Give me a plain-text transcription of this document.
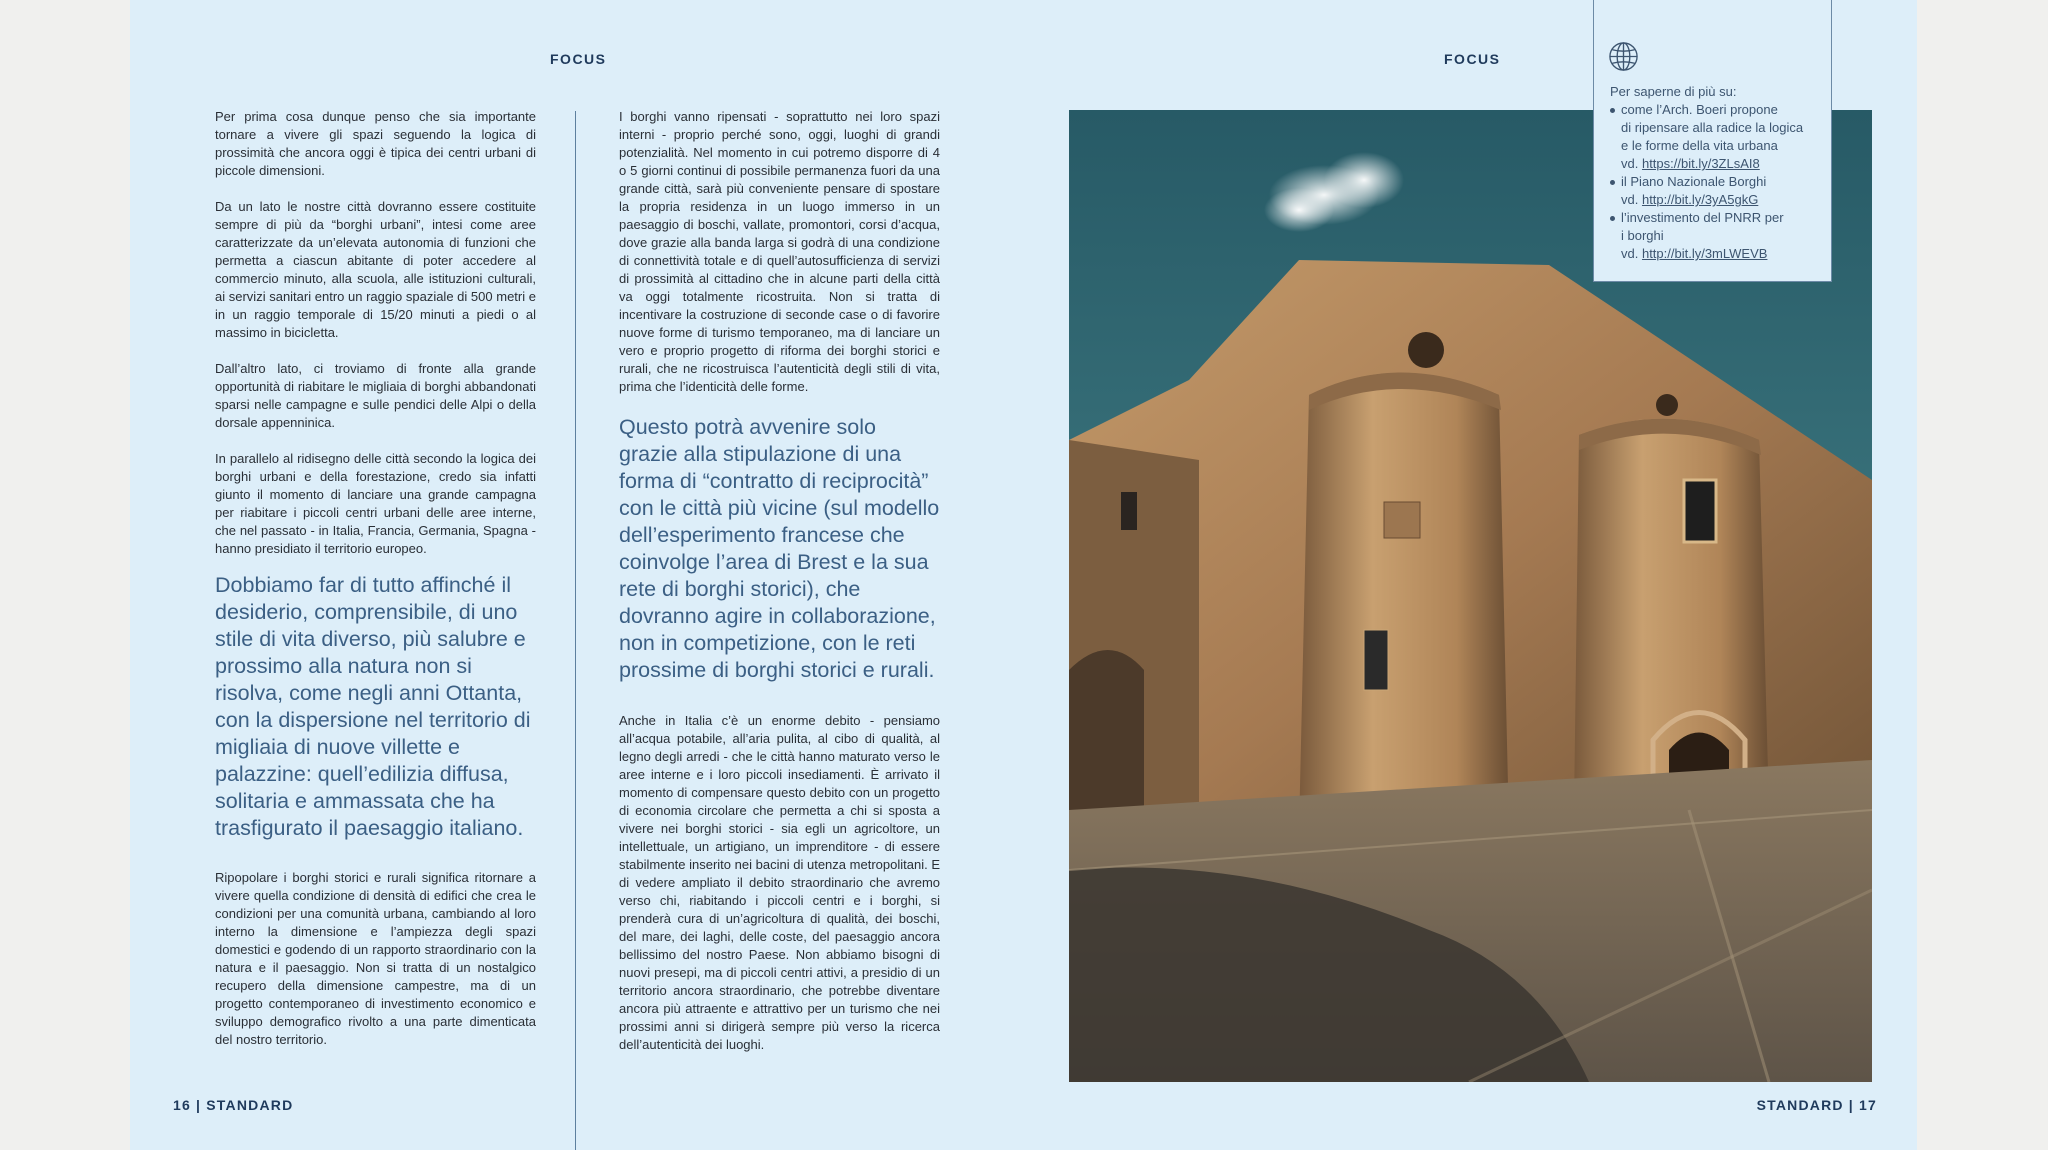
FOCUS	FOCUS

Per prima cosa dunque penso che sia importante tornare a vivere gli spazi seguendo la logica di prossimità che ancora oggi è tipica dei centri urbani di piccole dimensioni.

Da un lato le nostre città dovranno essere costituite sempre di più da “borghi urbani”, intesi come aree caratterizzate da un’elevata autonomia di funzioni che permetta a ciascun abitante di poter accedere al commercio minuto, alla scuola, alle istituzioni culturali, ai servizi sanitari entro un raggio spaziale di 500 metri e in un raggio temporale di 15/20 minuti a piedi o al massimo in bicicletta.

Dall’altro lato, ci troviamo di fronte alla grande opportunità di riabitare le migliaia di borghi abbandonati sparsi nelle campagne e sulle pendici delle Alpi o della dorsale appenninica.

In parallelo al ridisegno delle città secondo la logica dei borghi urbani e della forestazione, credo sia infatti giunto il momento di lanciare una grande campagna per riabitare i piccoli centri urbani delle aree interne, che nel passato - in Italia, Francia, Germania, Spagna - hanno presidiato il territorio europeo.

Dobbiamo far di tutto affinché il desiderio, comprensibile, di uno stile di vita diverso, più salubre e prossimo alla natura non si risolva, come negli anni Ottanta, con la dispersione nel territorio di migliaia di nuove villette e palazzine: quell’edilizia diffusa, solitaria e ammassata che ha trasfigurato il paesaggio italiano.

Ripopolare i borghi storici e rurali significa ritornare a vivere quella condizione di densità di edifici che crea le condizioni per una comunità urbana, cambiando al loro interno la dimensione e l’ampiezza degli spazi domestici e godendo di un rapporto straordinario con la natura e il paesaggio. Non si tratta di un nostalgico recupero della dimensione campestre, ma di un progetto contemporaneo di investimento economico e sviluppo demografico rivolto a una parte dimenticata del nostro territorio.

I borghi vanno ripensati - soprattutto nei loro spazi interni - proprio perché sono, oggi, luoghi di grandi potenzialità. Nel momento in cui potremo disporre di 4 o 5 giorni continui di possibile permanenza fuori da una grande città, sarà più conveniente pensare di spostare la propria residenza in un luogo immerso in un paesaggio di boschi, vallate, promontori, corsi d’acqua, dove grazie alla banda larga si godrà di una condizione di connettività totale e di quell’autosufficienza di servizi di prossimità al cittadino che in alcune parti della città va oggi totalmente ricostruita. Non si tratta di incentivare la costruzione di seconde case o di favorire nuove forme di turismo temporaneo, ma di lanciare un vero e proprio progetto di riforma dei borghi storici e rurali, che ne ricostruisca l’autenticità degli stili di vita, prima che l’identicità delle forme.

Questo potrà avvenire solo grazie alla stipulazione di una forma di “contratto di reciprocità” con le città più vicine (sul modello dell’esperimento francese che coinvolge l’area di Brest e la sua rete di borghi storici), che dovranno agire in collaborazione, non in competizione, con le reti prossime di borghi storici e rurali.

Anche in Italia c’è un enorme debito - pensiamo all’acqua potabile, all’aria pulita, al cibo di qualità, al legno degli arredi - che le città hanno maturato verso le aree interne e i loro piccoli insediamenti. È arrivato il momento di compensare questo debito con un progetto di economia circolare che permetta a chi si sposta a vivere nei borghi storici - sia egli un agricoltore, un intellettuale, un artigiano, un imprenditore - di essere stabilmente inserito nei bacini di utenza metropolitani. E di vedere ampliato il debito straordinario che avremo verso chi, riabitando i piccoli centri e i borghi, si prenderà cura di un’agricoltura di qualità, dei boschi, del mare, dei laghi, delle coste, del paesaggio ancora bellissimo del nostro Paese. Non abbiamo bisogni di nuovi presepi, ma di piccoli centri attivi, a presidio di un territorio ancora straordinario, che potrebbe diventare ancora più attraente e attrattivo per un turismo che nei prossimi anni si dirigerà sempre più verso la ricerca dell’autenticità dei luoghi.

Per saperne di più su:
come l’Arch. Boeri propone
di ripensare alla radice la logica
e le forme della vita urbana
vd. https://bit.ly/3ZLsAI8
il Piano Nazionale Borghi
vd. http://bit.ly/3yA5gkG
l’investimento del PNRR per
i borghi
vd. http://bit.ly/3mLWEVB
16 | STANDARD	STANDARD | 17
